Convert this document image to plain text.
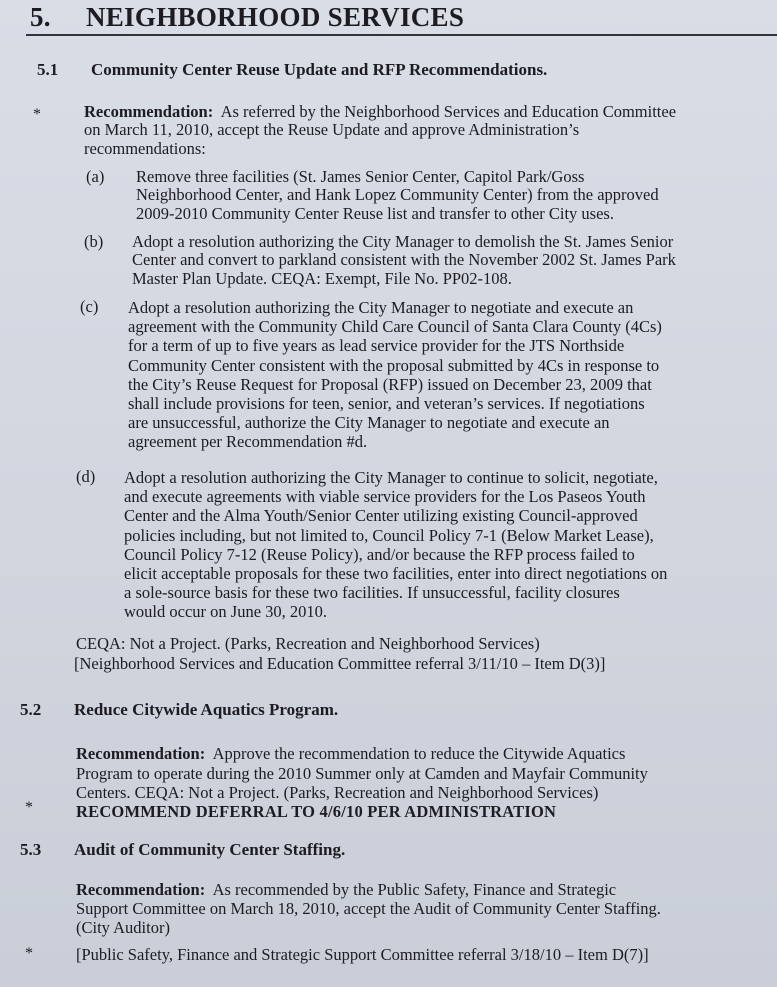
5. NEIGHBORHOOD SERVICES
5.1 Community Center Reuse Update and RFP Recommendations.
*	Recommendation: As referred by the Neighborhood Services and Education Committee
on March 11, 2010, accept the Reuse Update and approve Administration’s
recommendations:

(a) Remove three facilities (St. James Senior Center, Capitol Park/Goss
Neighborhood Center, and Hank Lopez Community Center) from the approved
2009-2010 Community Center Reuse list and transfer to other City uses.
(b) Adopt a resolution authorizing the City Manager to demolish the St. James Senior
Center and convert to parkland consistent with the November 2002 St. James Park
Master Plan Update. CEQA: Exempt, File No. PP02-108.
(c) Adopt a resolution authorizing the City Manager to negotiate and execute an
agreement with the Community Child Care Council of Santa Clara County (4Cs)
for a term of up to five years as lead service provider for the JTS Northside
Community Center consistent with the proposal submitted by 4Cs in response to
the City’s Reuse Request for Proposal (RFP) issued on December 23, 2009 that
shall include provisions for teen, senior, and veteran’s services. If negotiations
are unsuccessful, authorize the City Manager to negotiate and execute an
agreement per Recommendation #d.
(d) Adopt a resolution authorizing the City Manager to continue to solicit, negotiate,
and execute agreements with viable service providers for the Los Paseos Youth
Center and the Alma Youth/Senior Center utilizing existing Council-approved
policies including, but not limited to, Council Policy 7-1 (Below Market Lease),
Council Policy 7-12 (Reuse Policy), and/or because the RFP process failed to
elicit acceptable proposals for these two facilities, enter into direct negotiations on
a sole-source basis for these two facilities. If unsuccessful, facility closures
would occur on June 30, 2010.

CEQA: Not a Project. (Parks, Recreation and Neighborhood Services)

[Neighborhood Services and Education Committee referral 3/11/10 – Item D(3)]

5.2 Reduce Citywide Aquatics Program.

Recommendation: Approve the recommendation to reduce the Citywide Aquatics
Program to operate during the 2010 Summer only at Camden and Mayfair Community
Centers. CEQA: Not a Project. (Parks, Recreation and Neighborhood Services)

*	RECOMMEND DEFERRAL TO 4/6/10 PER ADMINISTRATION

5.3 Audit of Community Center Staffing.

Recommendation: As recommended by the Public Safety, Finance and Strategic
Support Committee on March 18, 2010, accept the Audit of Community Center Staffing.
(City Auditor)

*	[Public Safety, Finance and Strategic Support Committee referral 3/18/10 – Item D(7)]
